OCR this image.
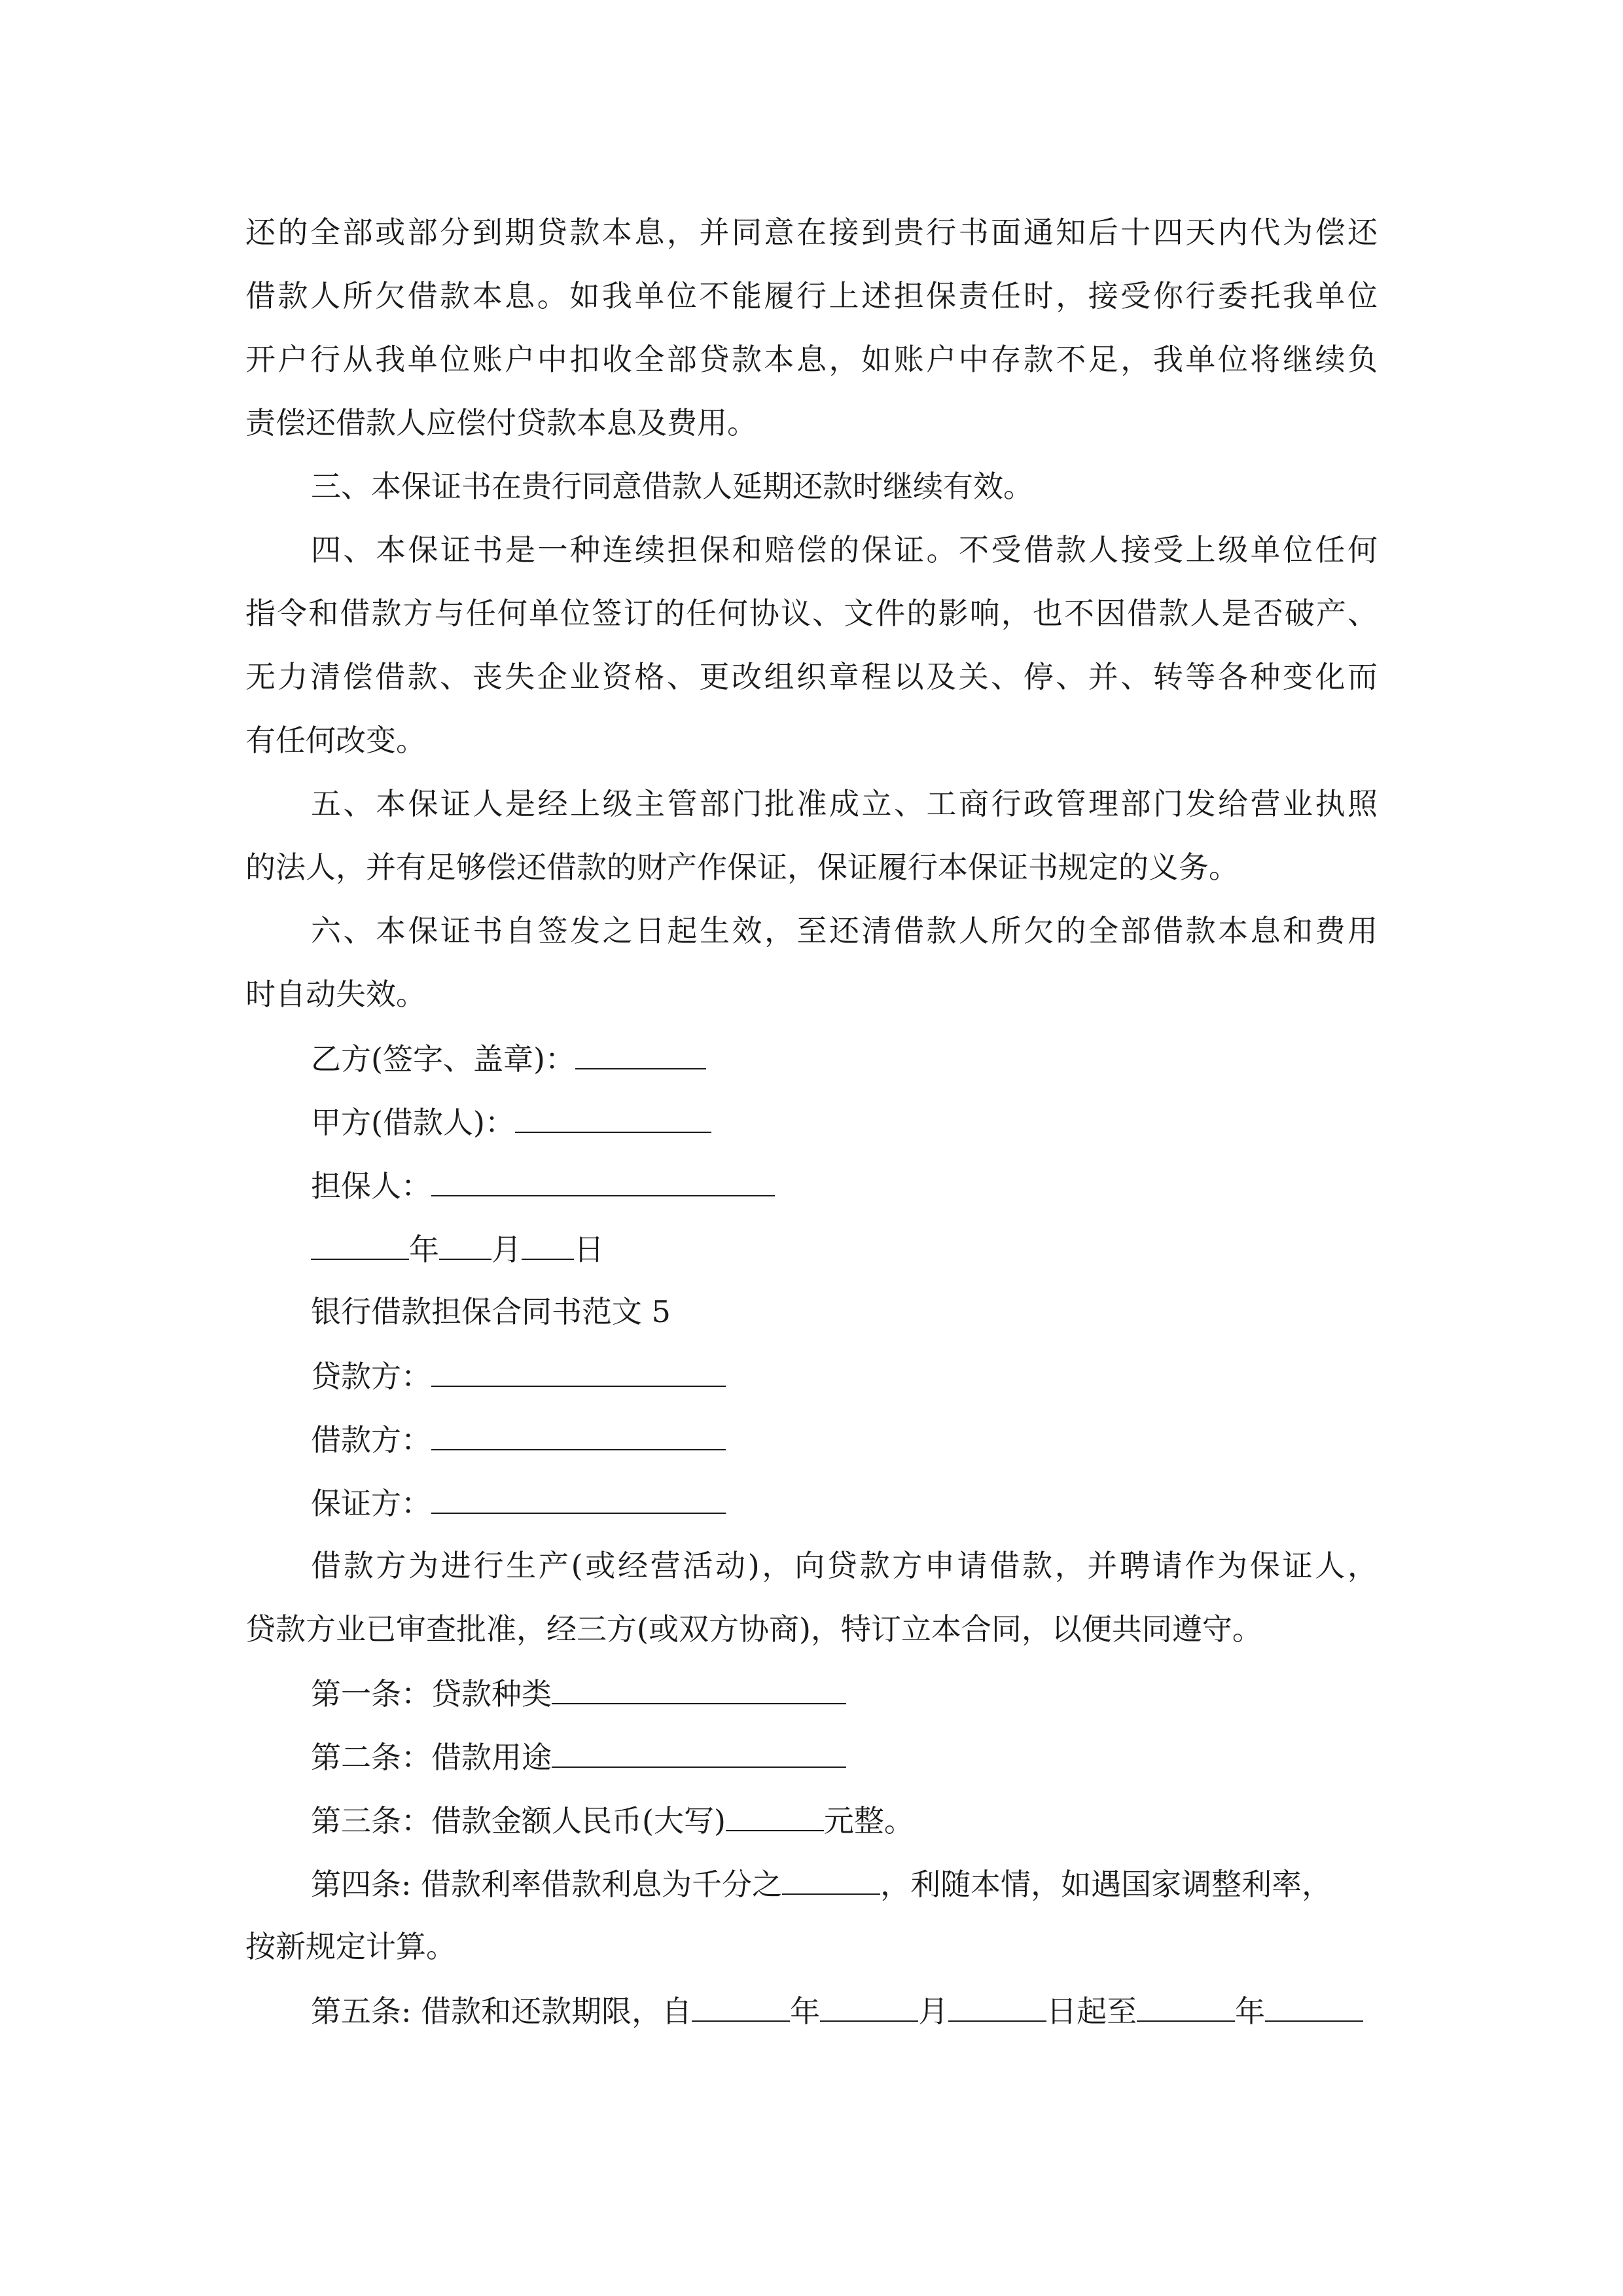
还的全部或部分到期贷款本息，并同意在接到贵行书面通知后十四天内代为偿还
借款人所欠借款本息。如我单位不能履行上述担保责任时，接受你行委托我单位
开户行从我单位账户中扣收全部贷款本息，如账户中存款不足，我单位将继续负
责偿还借款人应偿付贷款本息及费用。
三、本保证书在贵行同意借款人延期还款时继续有效。
四、本保证书是一种连续担保和赔偿的保证。不受借款人接受上级单位任何
指令和借款方与任何单位签订的任何协议、文件的影响，也不因借款人是否破产、
无力清偿借款、丧失企业资格、更改组织章程以及关、停、并、转等各种变化而
有任何改变。
五、本保证人是经上级主管部门批准成立、工商行政管理部门发给营业执照
的法人，并有足够偿还借款的财产作保证，保证履行本保证书规定的义务。
六、本保证书自签发之日起生效，至还清借款人所欠的全部借款本息和费用
时自动失效。
乙方(签字、盖章)：
甲方(借款人)：
担保人：
年 月 日
银行借款担保合同书范文 5
贷款方：
借款方：
保证方：
借款方为进行生产(或经营活动)，向贷款方申请借款，并聘请作为保证人，
贷款方业已审查批准，经三方(或双方协商)，特订立本合同，以便共同遵守。
第一条：贷款种类
第二条：借款用途
第三条：借款金额人民币(大写)	元整。
第四条: 借款利率借款利息为千分之	，利随本情，如遇国家调整利率，
按新规定计算。
第五条: 借款和还款期限，自	年	月	日起至	年
